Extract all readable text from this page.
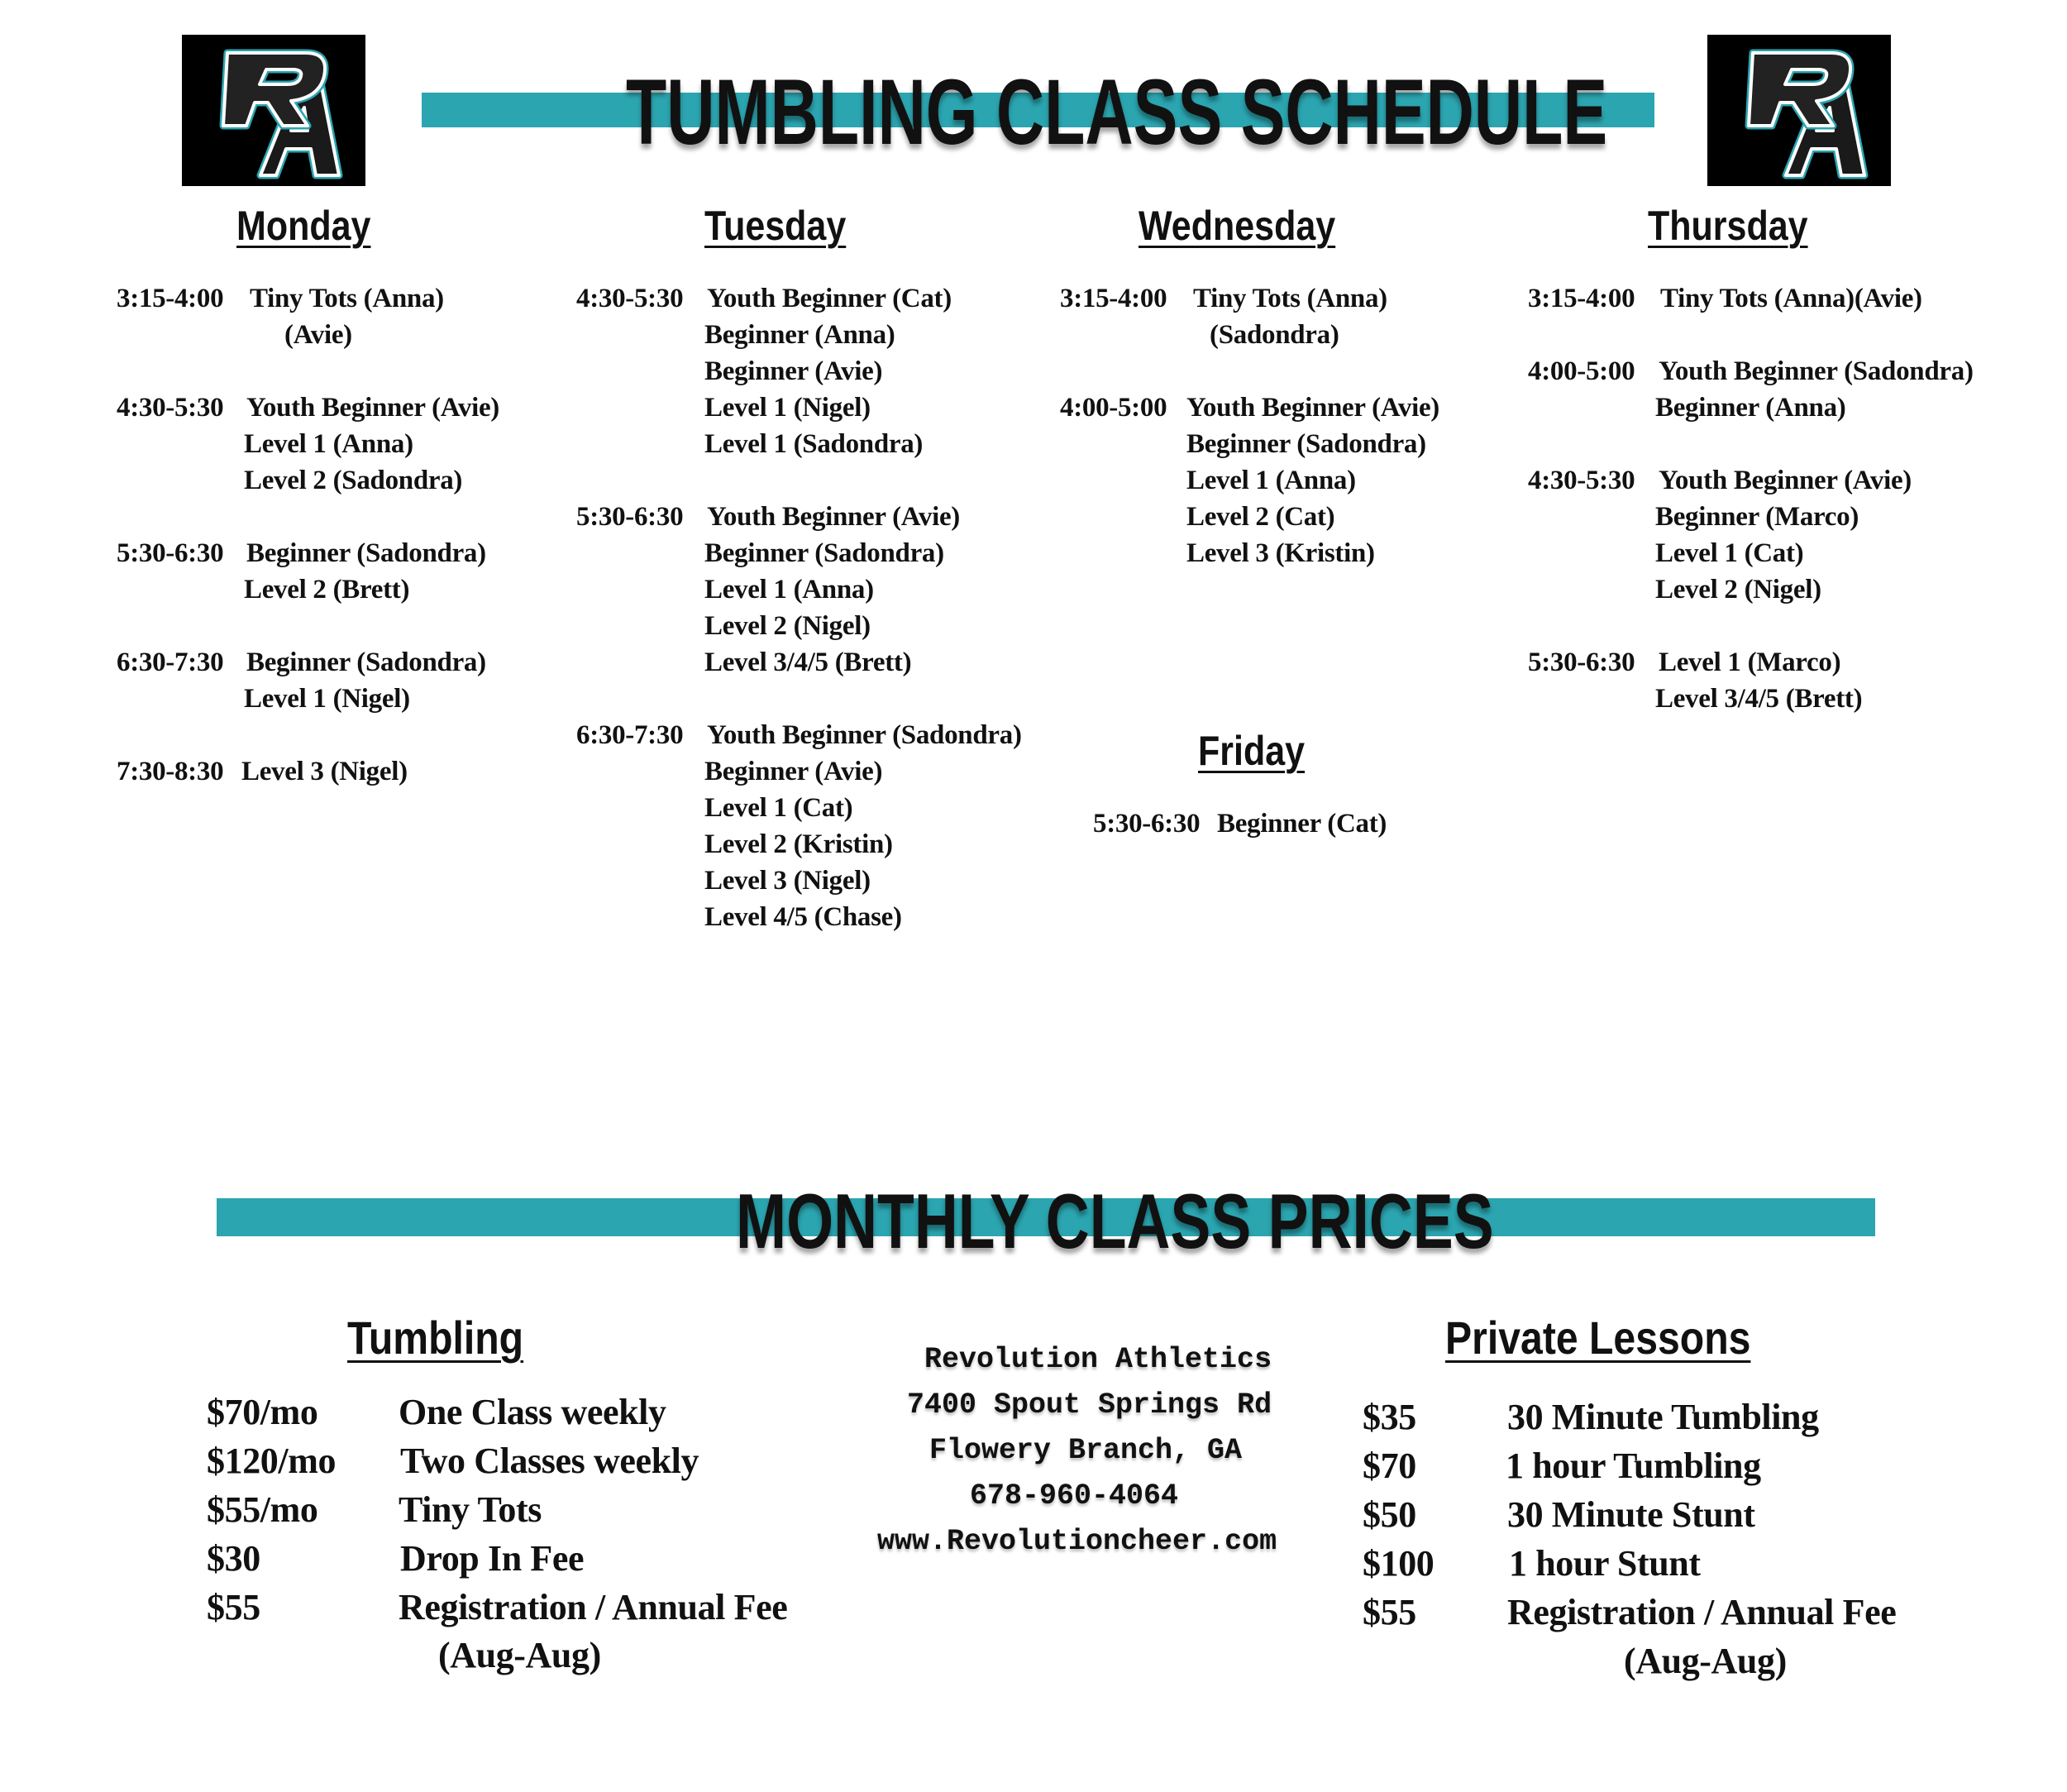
TUMBLING CLASS SCHEDULE
Monday	Tuesday	Wednesday	Thursday
Friday
3:15-4:00 Tiny Tots (Anna)
(Avie)
4:30-5:30 Youth Beginner (Avie)
Level 1 (Anna)
Level 2 (Sadondra)
5:30-6:30 Beginner (Sadondra)
Level 2 (Brett)
6:30-7:30 Beginner (Sadondra)
Level 1 (Nigel)
7:30-8:30 Level 3 (Nigel)
4:30-5:30 Youth Beginner (Cat)
Beginner (Anna)
Beginner (Avie)
Level 1 (Nigel)
Level 1 (Sadondra)
5:30-6:30 Youth Beginner (Avie)
Beginner (Sadondra)
Level 1 (Anna)
Level 2 (Nigel)
Level 3/4/5 (Brett)
6:30-7:30 Youth Beginner (Sadondra)
Beginner (Avie)
Level 1 (Cat)
Level 2 (Kristin)
Level 3 (Nigel)
Level 4/5 (Chase)
3:15-4:00 Tiny Tots (Anna)
(Sadondra)
4:00-5:00 Youth Beginner (Avie)
Beginner (Sadondra)
Level 1 (Anna)
Level 2 (Cat)
Level 3 (Kristin)
3:15-4:00 Tiny Tots (Anna)(Avie)
4:00-5:00 Youth Beginner (Sadondra)
Beginner (Anna)
4:30-5:30 Youth Beginner (Avie)
Beginner (Marco)
Level 1 (Cat)
Level 2 (Nigel)
5:30-6:30 Level 1 (Marco)
Level 3/4/5 (Brett)
5:30-6:30 Beginner (Cat)
MONTHLY CLASS PRICES
Tumbling
$70/mo One Class weekly
$120/mo Two Classes weekly
$55/mo Tiny Tots
$30	Drop In Fee
$55	Registration / Annual Fee
(Aug-Aug)
Revolution Athletics
7400 Spout Springs Rd
Flowery Branch, GA
678-960-4064
www.Revolutioncheer.com
Private Lessons
$35	30 Minute Tumbling
$70 1 hour Tumbling
$50	30 Minute Stunt
$100 1 hour Stunt
$55	Registration / Annual Fee
(Aug-Aug)
